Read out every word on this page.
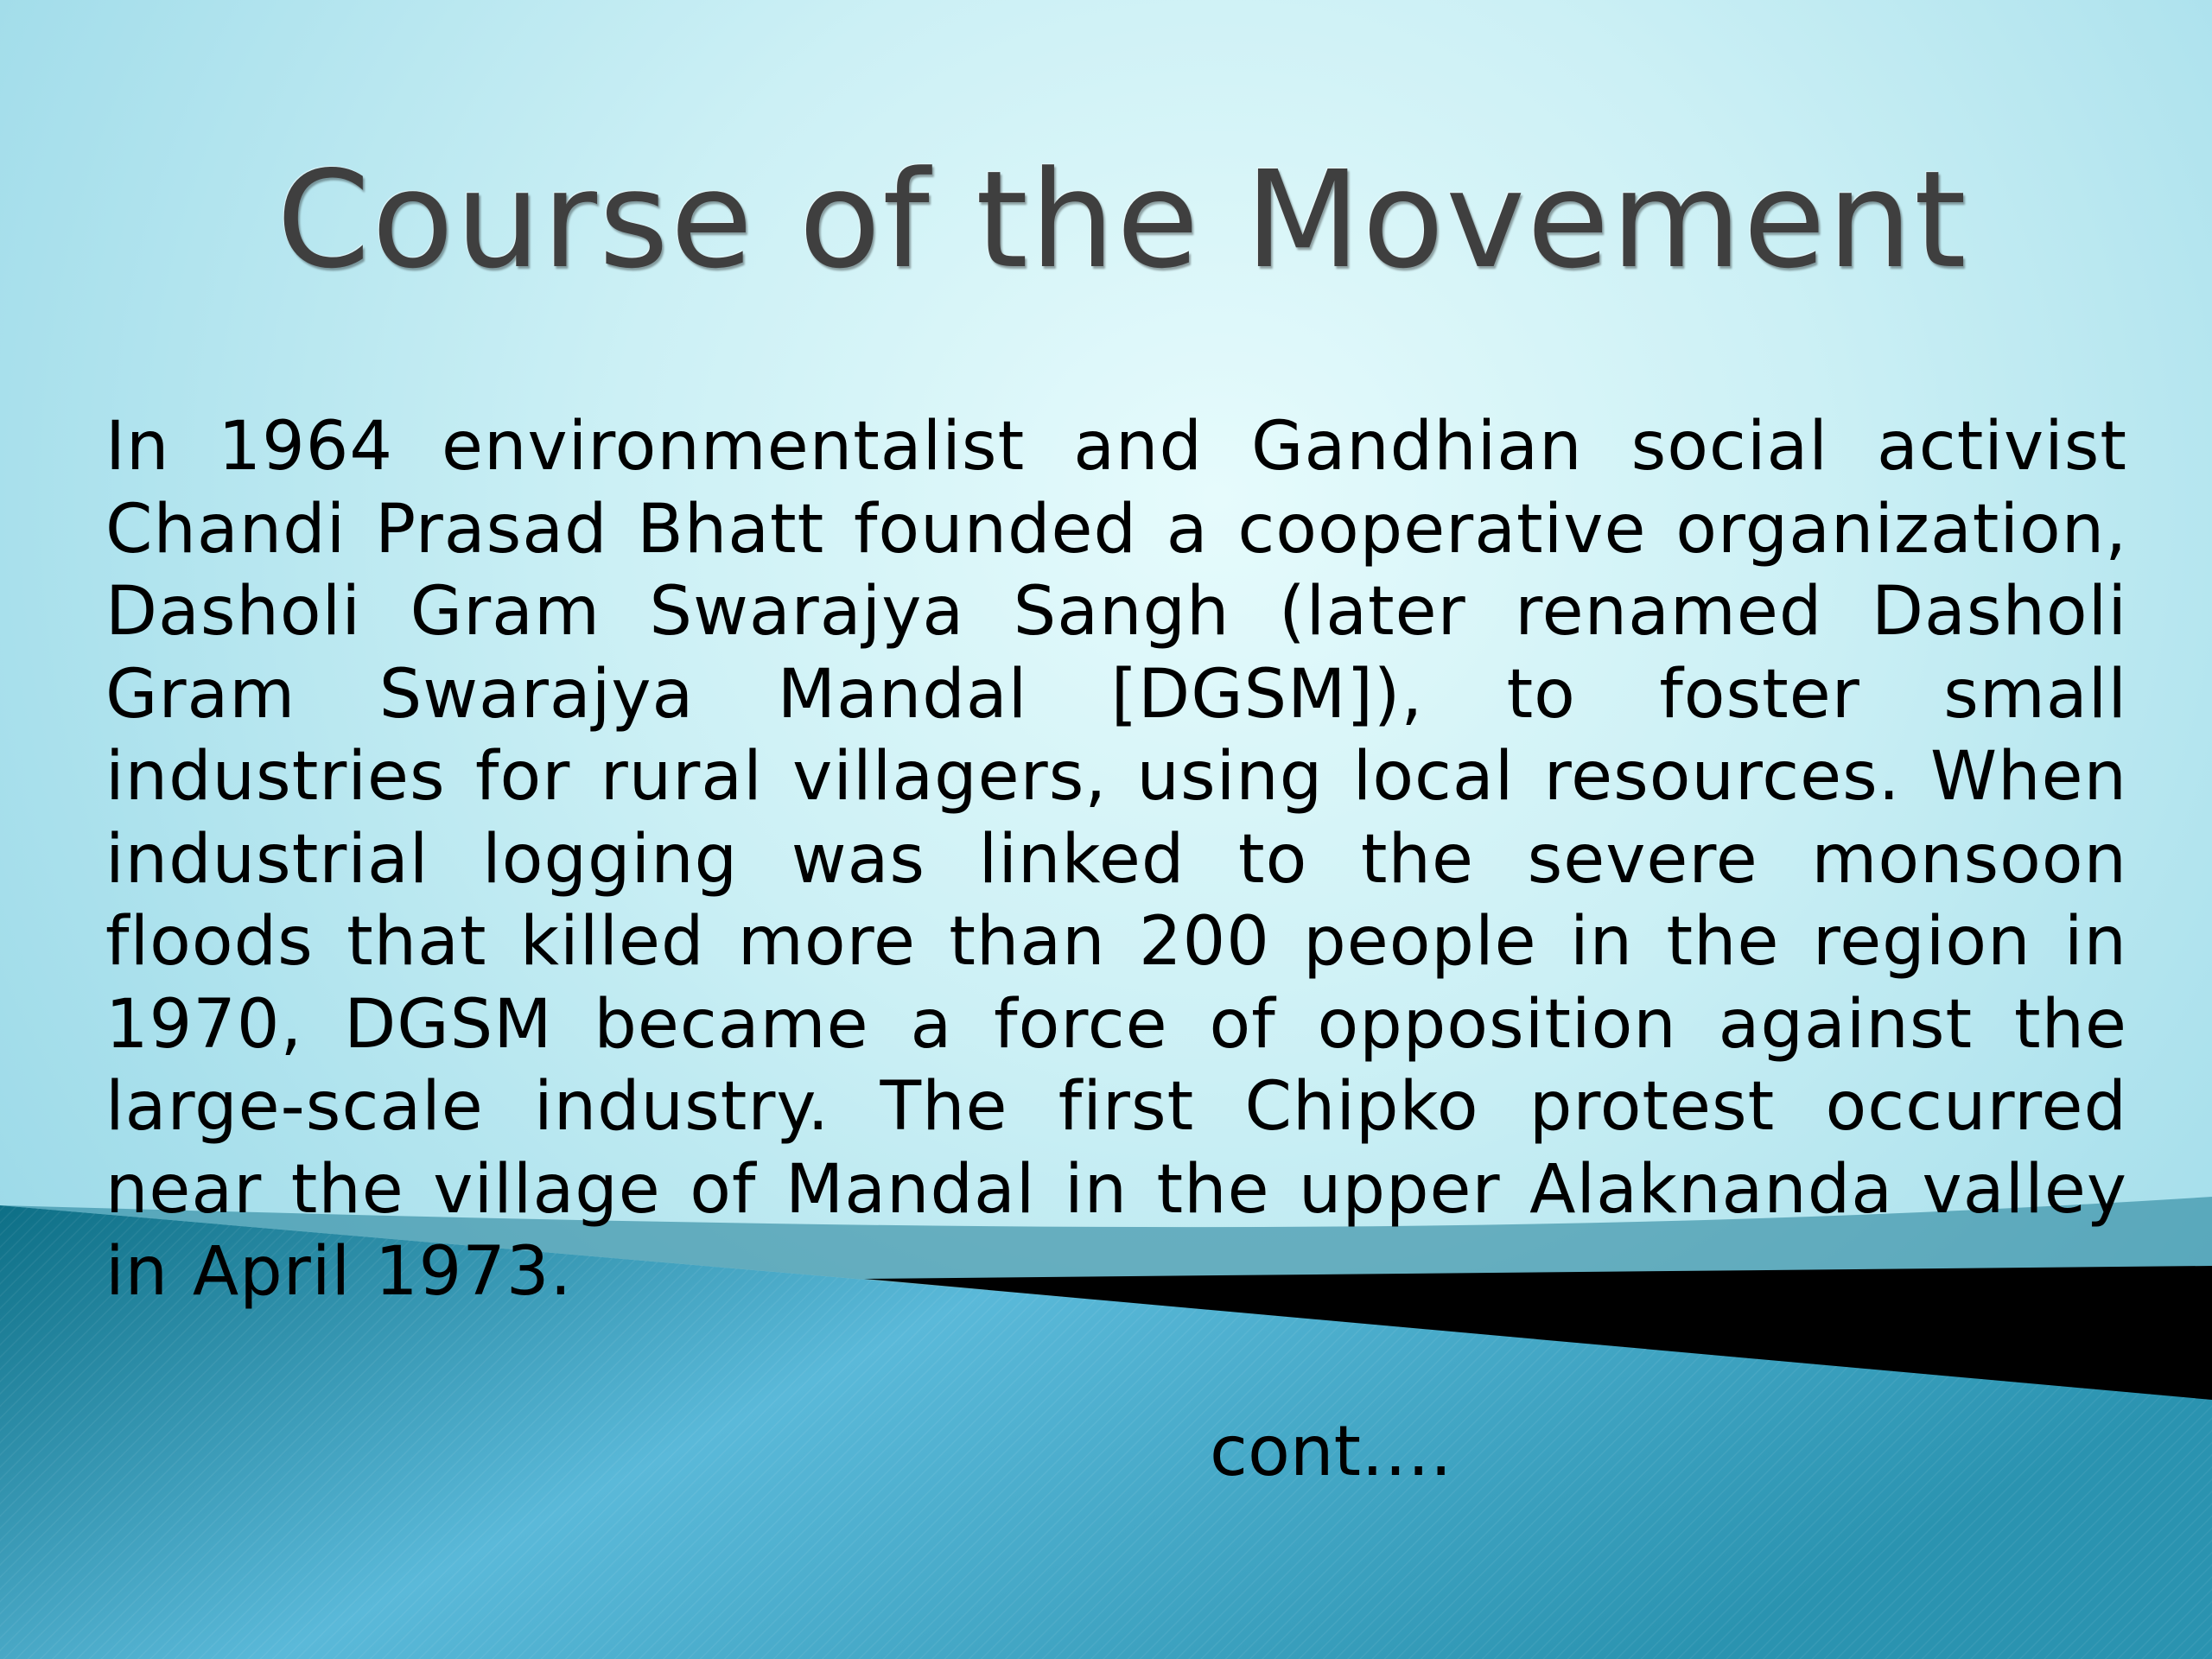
Course of the Movement

In 1964 environmentalist and Gandhian social activist Chandi Prasad Bhatt founded a cooperative organization, Dasholi Gram Swarajya Sangh (later renamed Dasholi Gram Swarajya Mandal [DGSM]), to foster small industries for rural villagers, using local resources. When industrial logging was linked to the severe monsoon floods that killed more than 200 people in the region in 1970, DGSM became a force of opposition against the large-scale industry. The first Chipko protest occurred near the village of Mandal in the upper Alaknanda valley in April 1973.

cont….
